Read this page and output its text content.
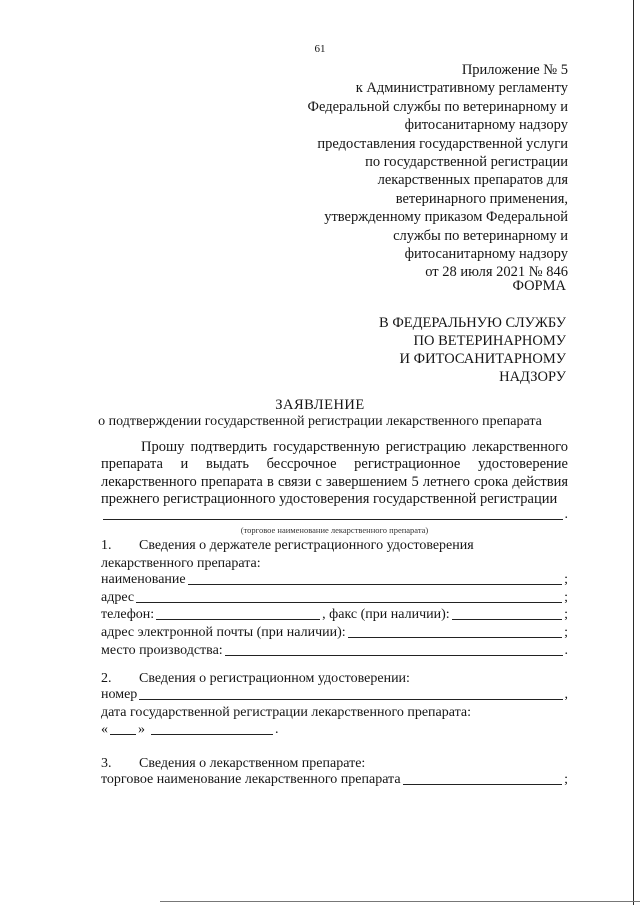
61
Приложение № 5
к Административному регламенту
Федеральной службы по ветеринарному и
фитосанитарному надзору
предоставления государственной услуги
по государственной регистрации
лекарственных препаратов для
ветеринарного применения,
утвержденному приказом Федеральной
службы по ветеринарному и
фитосанитарному надзору
от 28 июля 2021 № 846
ФОРМА
В ФЕДЕРАЛЬНУЮ СЛУЖБУ
ПО ВЕТЕРИНАРНОМУ
И ФИТОСАНИТАРНОМУ
НАДЗОРУ
ЗАЯВЛЕНИЕ
о подтверждении государственной регистрации лекарственного препарата
Прошу подтвердить государственную регистрацию лекарственного препарата и выдать бессрочное регистрационное удостоверение лекарственного препарата в связи с завершением 5 летнего срока действия прежнего регистрационного удостоверения государственной регистрации
.
(торговое наименование лекарственного препарата)
1. Сведения о держателе регистрационного удостоверения
лекарственного препарата:
наименование	;
адрес	;
телефон:	, факс (при наличии):	;
адрес электронной почты (при наличии):	;
место производства:	.
2. Сведения о регистрационном удостоверении:
номер	,
дата государственной регистрации лекарственного препарата:
« »	.
3. Сведения о лекарственном препарате:
торговое наименование лекарственного препарата	;
